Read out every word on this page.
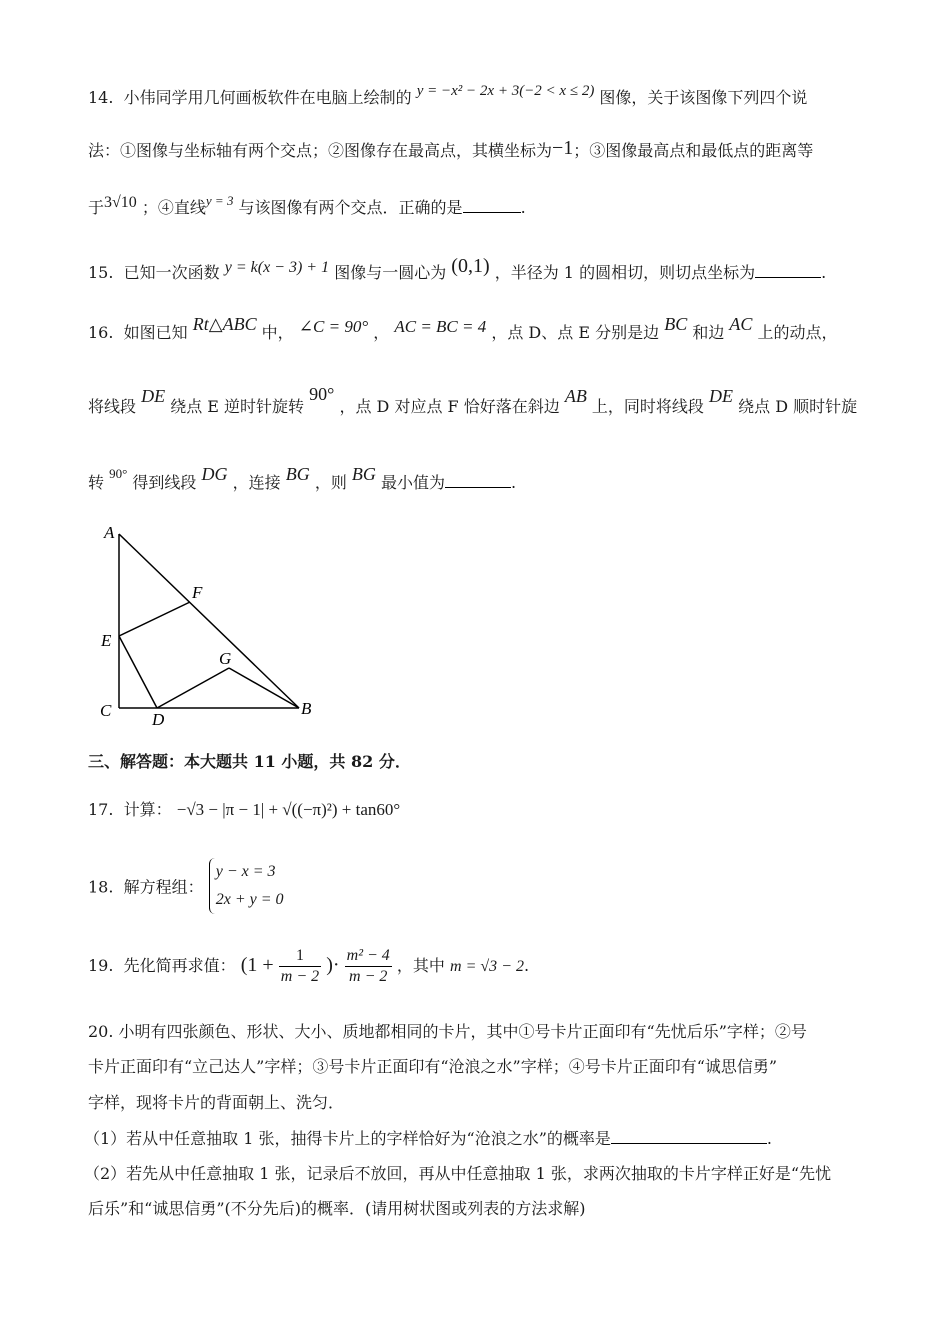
14. 小伟同学用几何画板软件在电脑上绘制的 y = −x² − 2x + 3(−2 < x ≤ 2) 图像，关于该图像下列四个说
法：①图像与坐标轴有两个交点；②图像存在最高点，其横坐标为−1；③图像最高点和最低点的距离等
于3√10 ；④直线$^{y = 3}$ 与该图像有两个交点．正确的是	.
15. 已知一次函数 y = k(x − 3) + 1 图像与一圆心为 (0,1) ，半径为 1 的圆相切，则切点坐标为	.
16. 如图已知 Rt△ABC 中， ∠C = 90° ， AC = BC = 4 ，点 D、点 E 分别是边 BC 和边 AC 上的动点，
将线段 DE 绕点 E 逆时针旋转 90° ，点 D 对应点 F 恰好落在斜边 AB 上，同时将线段 DE 绕点 D 顺时针旋
转 $^{90^\circ}$ 得到线段 DG ，连接 BG ，则 BG 最小值为	.
A
F
E
G
C D
B
三、解答题：本大题共 11 小题，共 82 分．
17. 计算： −√3 − |π − 1| + √((−π)²) + tan60°
18. 解方程组：
y − x = 3
2x + y = 0
19. 先化简再求值： ($1 + \frac{1}{m - 2}$ )· $\frac{\text{m² − 4}}{m - 2}$ ，其中 m = √3 − 2.
20. 小明有四张颜色、形状、大小、质地都相同的卡片，其中①号卡片正面印有“先忧后乐”字样；②号
卡片正面印有“立己达人”字样；③号卡片正面印有“沧浪之水”字样；④号卡片正面印有“诚思信勇”
字样，现将卡片的背面朝上、洗匀．
（1）若从中任意抽取 1 张，抽得卡片上的字样恰好为“沧浪之水”的概率是	.
（2）若先从中任意抽取 1 张，记录后不放回，再从中任意抽取 1 张，求两次抽取的卡片字样正好是“先忧
后乐”和“诚思信勇”(不分先后)的概率．(请用树状图或列表的方法求解)
